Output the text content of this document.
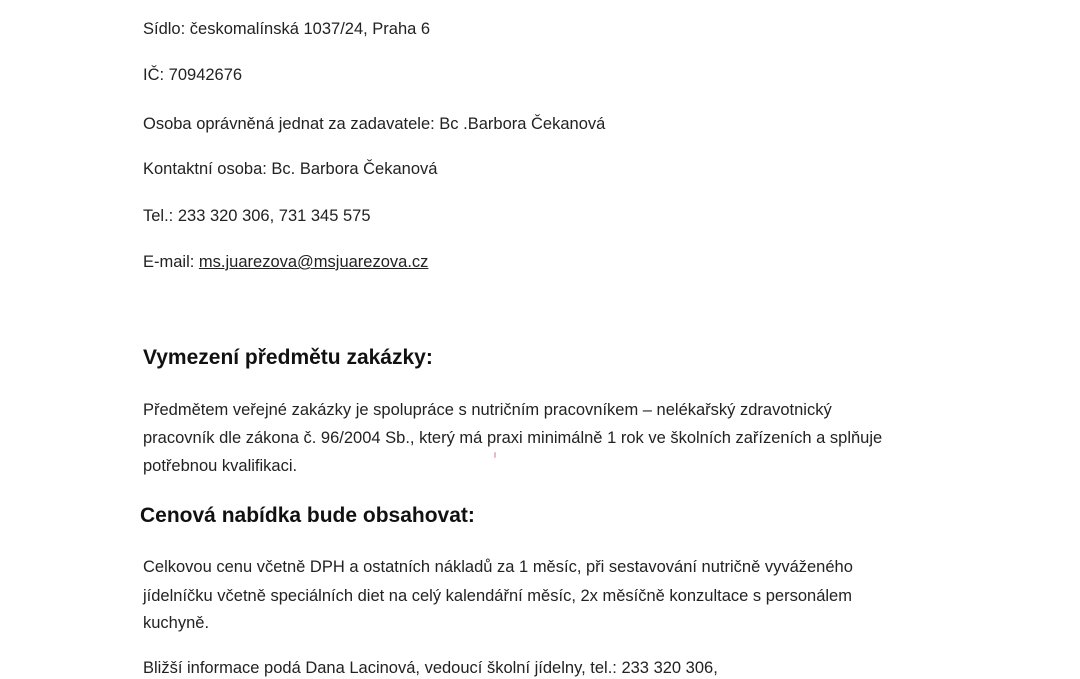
Sídlo: českomalínská 1037/24, Praha 6
IČ: 70942676
Osoba oprávněná jednat za zadavatele: Bc .Barbora Čekanová
Kontaktní osoba: Bc. Barbora Čekanová
Tel.: 233 320 306, 731 345 575
E-mail: ms.juarezova@msjuarezova.cz
Vymezení předmětu zakázky:
Předmětem veřejné zakázky je spolupráce s nutričním pracovníkem – nelékařský zdravotnický
pracovník dle zákona č. 96/2004 Sb., který má praxi minimálně 1 rok ve školních zařízeních a splňuje
potřebnou kvalifikaci.
Cenová nabídka bude obsahovat:
Celkovou cenu včetně DPH a ostatních nákladů za 1 měsíc, při sestavování nutričně vyváženého
jídelníčku včetně speciálních diet na celý kalendářní měsíc, 2x měsíčně konzultace s personálem
kuchyně.
Bližší informace podá Dana Lacinová, vedoucí školní jídelny, tel.: 233 320 306,
